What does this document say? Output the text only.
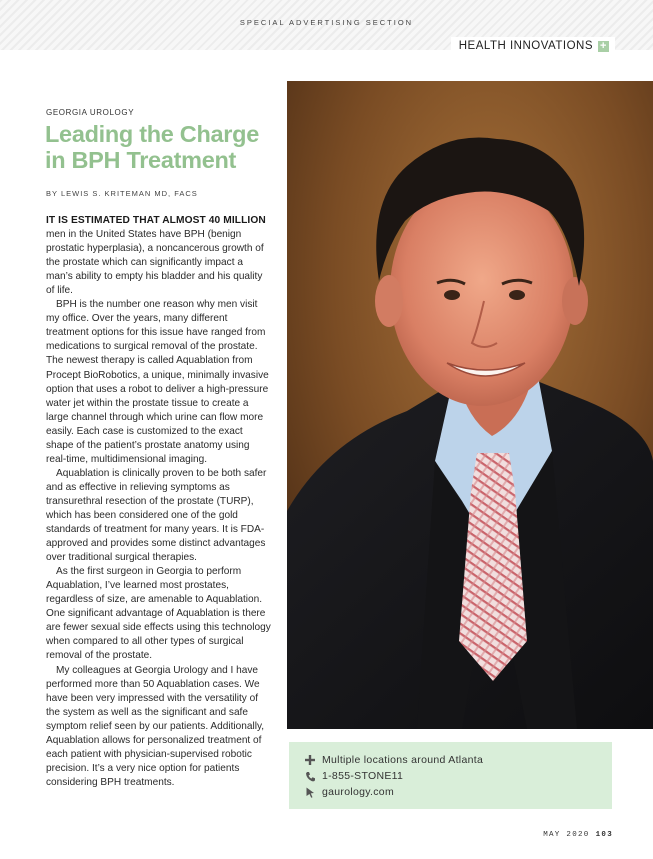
SPECIAL ADVERTISING SECTION
HEALTH INNOVATIONS +
GEORGIA UROLOGY
Leading the Charge in BPH Treatment
BY LEWIS S. KRITEMAN MD, FACS

IT IS ESTIMATED THAT ALMOST 40 MILLION men in the United States have BPH (benign prostatic hyperplasia), a noncancerous growth of the prostate which can significantly impact a man’s ability to empty his bladder and his quality of life.

BPH is the number one reason why men visit my office. Over the years, many different treatment options for this issue have ranged from medications to surgical removal of the prostate. The newest therapy is called Aquablation from Procept BioRobotics, a unique, minimally invasive option that uses a robot to deliver a high-pressure water jet within the prostate tissue to create a large channel through which urine can flow more easily. Each case is customized to the exact shape of the patient’s prostate anatomy using real-time, multidimensional imaging.

Aquablation is clinically proven to be both safer and as effective in relieving symptoms as transurethral resection of the prostate (TURP), which has been considered one of the gold standards of treatment for many years. It is FDA-approved and provides some distinct advantages over traditional surgical therapies.

As the first surgeon in Georgia to perform Aquablation, I’ve learned most prostates, regardless of size, are amenable to Aquablation. One significant advantage of Aquablation is there are fewer sexual side effects using this technology when compared to all other types of surgical removal of the prostate.

My colleagues at Georgia Urology and I have performed more than 50 Aquablation cases. We have been very impressed with the versatility of the system as well as the significant and safe symptom relief seen by our patients. Additionally, Aquablation allows for personalized treatment of each patient with physician-supervised robotic precision. It’s a very nice option for patients considering BPH treatments.

Multiple locations around Atlanta
1-855-STONE11
gaurology.com
MAY 2020 103
